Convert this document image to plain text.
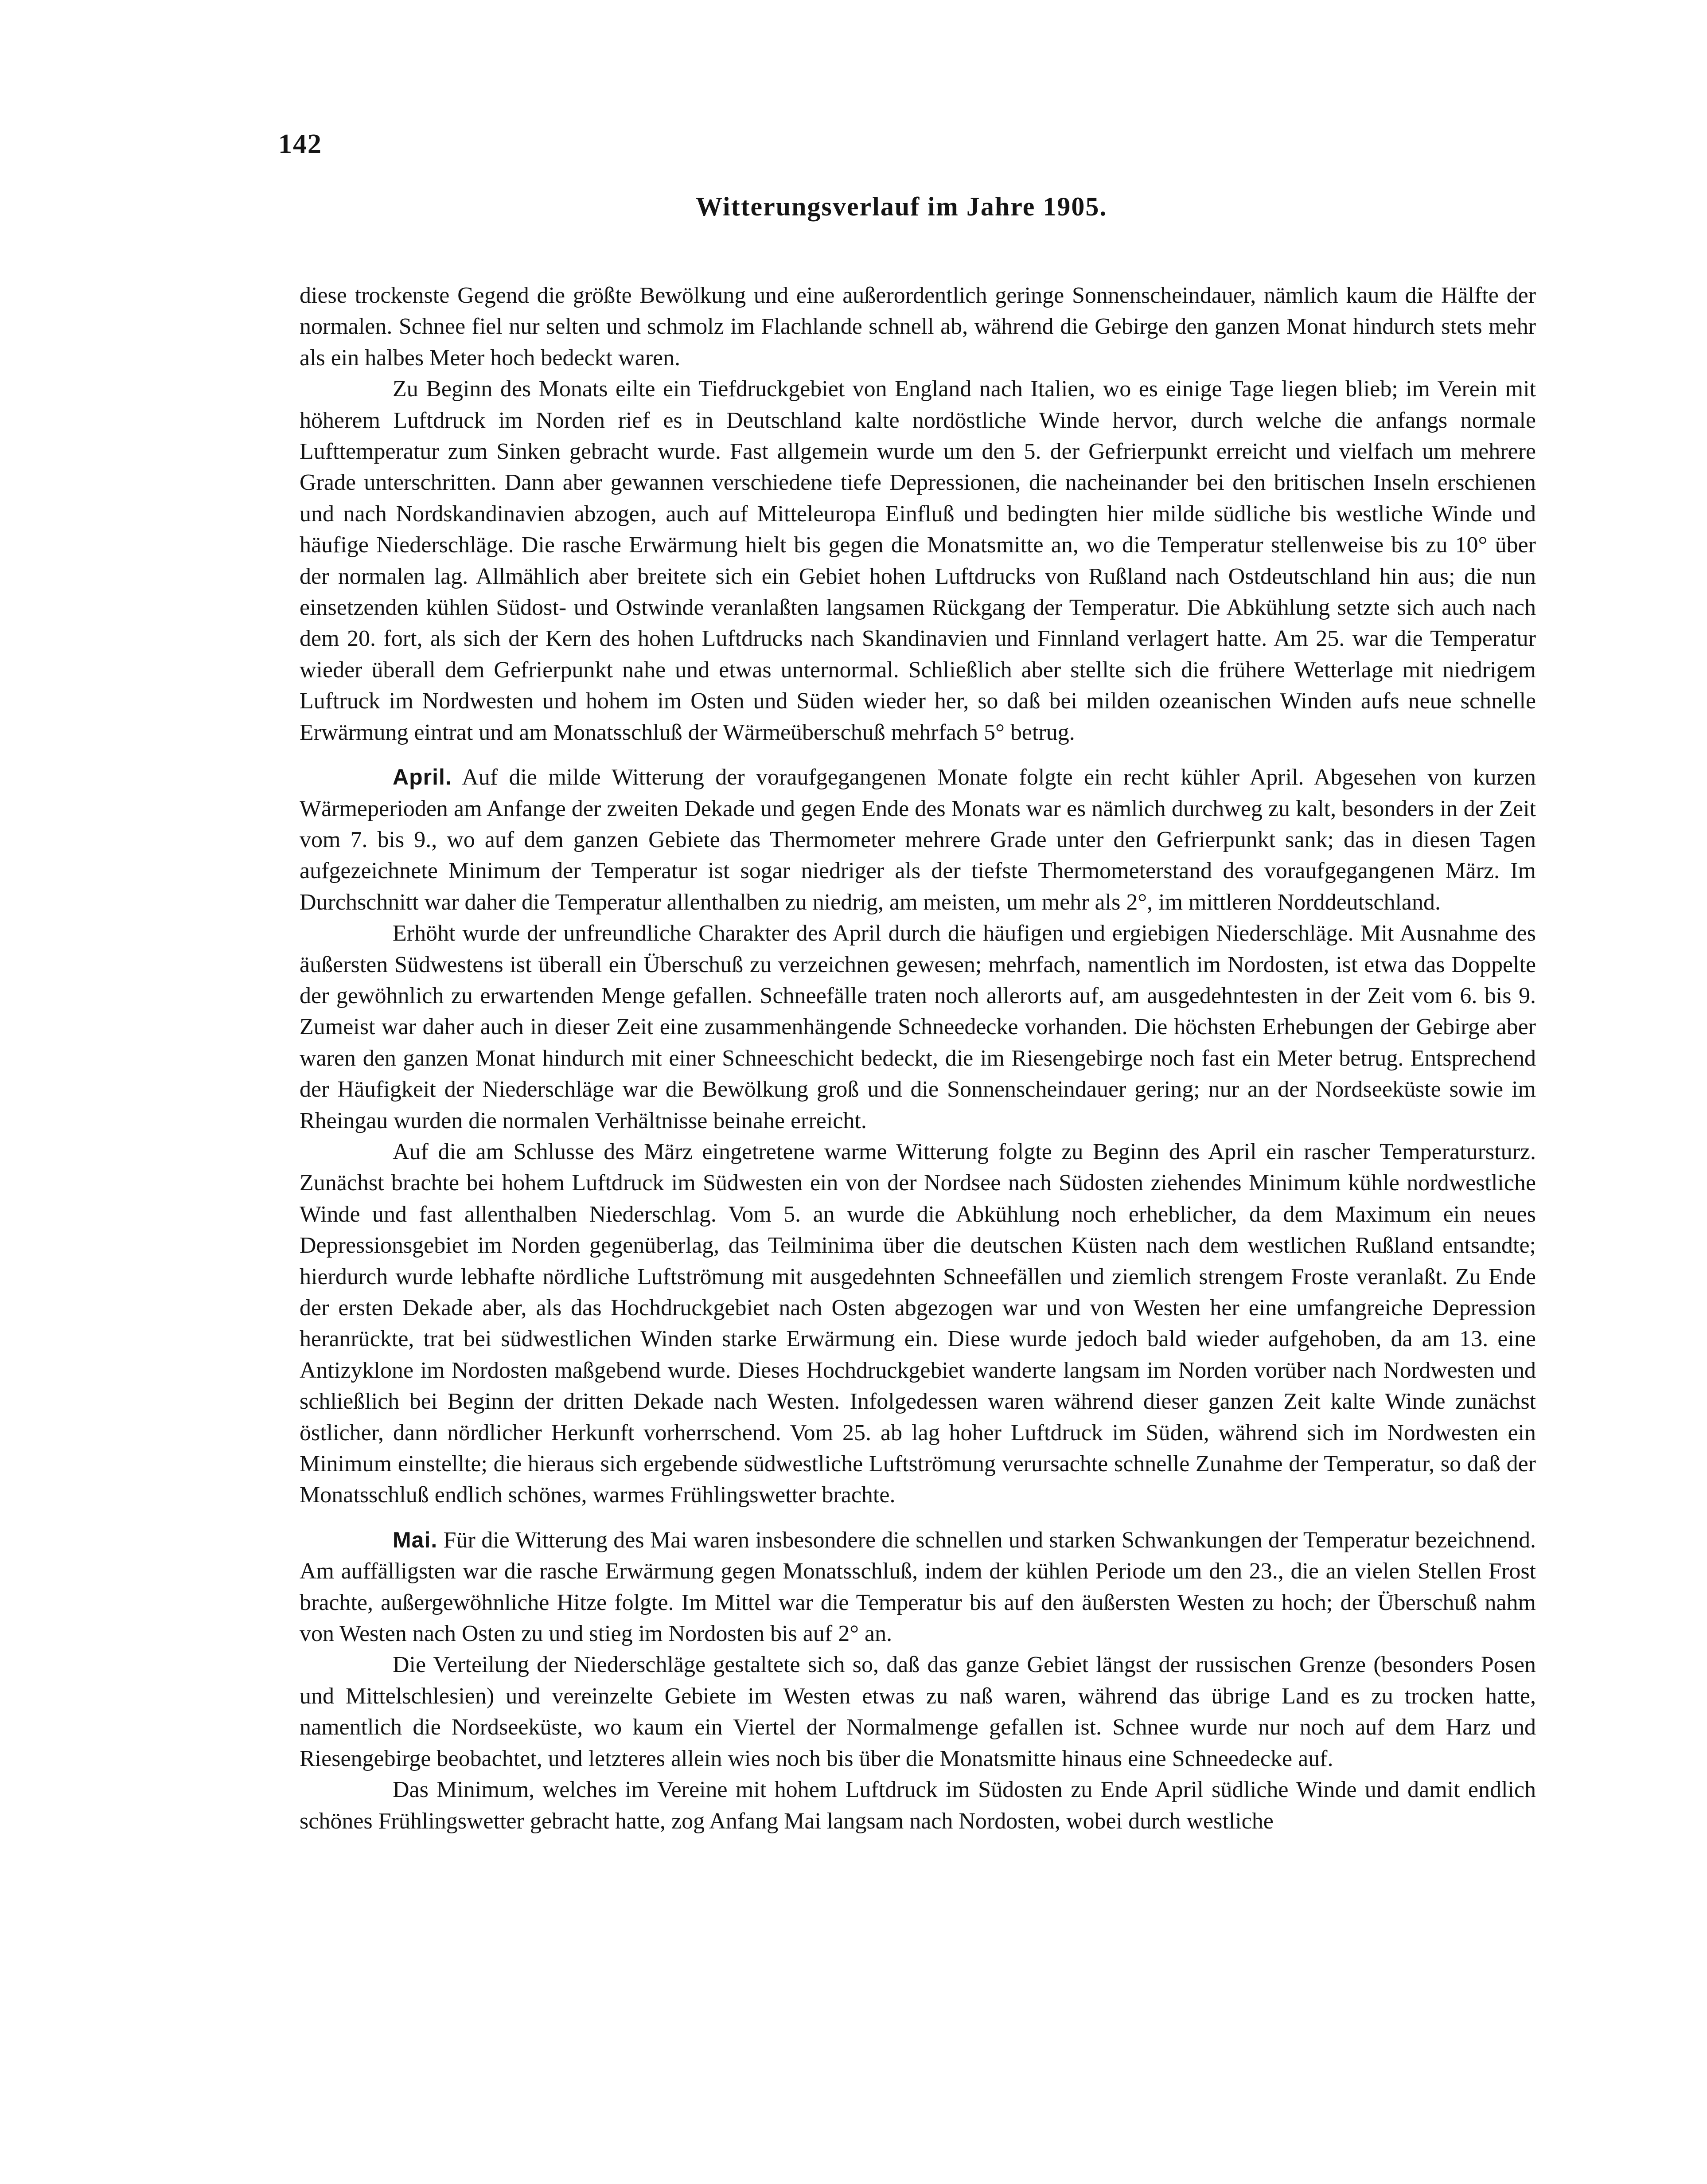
142
Witterungsverlauf im Jahre 1905.

diese trockenste Gegend die größte Bewölkung und eine außerordentlich geringe Sonnenscheindauer, nämlich kaum die Hälfte der normalen. Schnee fiel nur selten und schmolz im Flachlande schnell ab, während die Gebirge den ganzen Monat hindurch stets mehr als ein halbes Meter hoch bedeckt waren.

Zu Beginn des Monats eilte ein Tiefdruckgebiet von England nach Italien, wo es einige Tage liegen blieb; im Verein mit höherem Luftdruck im Norden rief es in Deutschland kalte nordöstliche Winde hervor, durch welche die anfangs normale Lufttemperatur zum Sinken gebracht wurde. Fast allgemein wurde um den 5. der Gefrierpunkt erreicht und vielfach um mehrere Grade unterschritten. Dann aber gewannen verschiedene tiefe Depressionen, die nacheinander bei den britischen Inseln erschienen und nach Nordskandinavien abzogen, auch auf Mitteleuropa Einfluß und bedingten hier milde südliche bis westliche Winde und häufige Niederschläge. Die rasche Erwärmung hielt bis gegen die Monatsmitte an, wo die Temperatur stellenweise bis zu 10° über der normalen lag. Allmählich aber breitete sich ein Gebiet hohen Luftdrucks von Rußland nach Ostdeutschland hin aus; die nun einsetzenden kühlen Südost- und Ostwinde veranlaßten langsamen Rückgang der Temperatur. Die Abkühlung setzte sich auch nach dem 20. fort, als sich der Kern des hohen Luftdrucks nach Skandinavien und Finnland verlagert hatte. Am 25. war die Temperatur wieder überall dem Gefrierpunkt nahe und etwas unternormal. Schließlich aber stellte sich die frühere Wetterlage mit niedrigem Luftruck im Nordwesten und hohem im Osten und Süden wieder her, so daß bei milden ozeanischen Winden aufs neue schnelle Erwärmung eintrat und am Monatsschluß der Wärmeüberschuß mehrfach 5° betrug.

April. Auf die milde Witterung der voraufgegangenen Monate folgte ein recht kühler April. Abgesehen von kurzen Wärmeperioden am Anfange der zweiten Dekade und gegen Ende des Monats war es nämlich durchweg zu kalt, besonders in der Zeit vom 7. bis 9., wo auf dem ganzen Gebiete das Thermometer mehrere Grade unter den Gefrierpunkt sank; das in diesen Tagen aufgezeichnete Minimum der Temperatur ist sogar niedriger als der tiefste Thermometerstand des voraufgegangenen März. Im Durchschnitt war daher die Temperatur allenthalben zu niedrig, am meisten, um mehr als 2°, im mittleren Norddeutschland.

Erhöht wurde der unfreundliche Charakter des April durch die häufigen und ergiebigen Niederschläge. Mit Ausnahme des äußersten Südwestens ist überall ein Überschuß zu verzeichnen gewesen; mehrfach, namentlich im Nordosten, ist etwa das Doppelte der gewöhnlich zu erwartenden Menge gefallen. Schneefälle traten noch allerorts auf, am ausgedehntesten in der Zeit vom 6. bis 9. Zumeist war daher auch in dieser Zeit eine zusammenhängende Schneedecke vorhanden. Die höchsten Erhebungen der Gebirge aber waren den ganzen Monat hindurch mit einer Schneeschicht bedeckt, die im Riesengebirge noch fast ein Meter betrug. Entsprechend der Häufigkeit der Niederschläge war die Bewölkung groß und die Sonnenscheindauer gering; nur an der Nordseeküste sowie im Rheingau wurden die normalen Verhältnisse beinahe erreicht.

Auf die am Schlusse des März eingetretene warme Witterung folgte zu Beginn des April ein rascher Temperatursturz. Zunächst brachte bei hohem Luftdruck im Südwesten ein von der Nordsee nach Südosten ziehendes Minimum kühle nordwestliche Winde und fast allenthalben Niederschlag. Vom 5. an wurde die Abkühlung noch erheblicher, da dem Maximum ein neues Depressionsgebiet im Norden gegenüberlag, das Teilminima über die deutschen Küsten nach dem westlichen Rußland entsandte; hierdurch wurde lebhafte nördliche Luftströmung mit ausgedehnten Schneefällen und ziemlich strengem Froste veranlaßt. Zu Ende der ersten Dekade aber, als das Hochdruckgebiet nach Osten abgezogen war und von Westen her eine umfangreiche Depression heranrückte, trat bei südwestlichen Winden starke Erwärmung ein. Diese wurde jedoch bald wieder aufgehoben, da am 13. eine Antizyklone im Nordosten maßgebend wurde. Dieses Hochdruckgebiet wanderte langsam im Norden vorüber nach Nordwesten und schließlich bei Beginn der dritten Dekade nach Westen. Infolgedessen waren während dieser ganzen Zeit kalte Winde zunächst östlicher, dann nördlicher Herkunft vorherrschend. Vom 25. ab lag hoher Luftdruck im Süden, während sich im Nordwesten ein Minimum einstellte; die hieraus sich ergebende südwestliche Luftströmung verursachte schnelle Zunahme der Temperatur, so daß der Monatsschluß endlich schönes, warmes Frühlingswetter brachte.

Mai. Für die Witterung des Mai waren insbesondere die schnellen und starken Schwankungen der Temperatur bezeichnend. Am auffälligsten war die rasche Erwärmung gegen Monatsschluß, indem der kühlen Periode um den 23., die an vielen Stellen Frost brachte, außergewöhnliche Hitze folgte. Im Mittel war die Temperatur bis auf den äußersten Westen zu hoch; der Überschuß nahm von Westen nach Osten zu und stieg im Nordosten bis auf 2° an.

Die Verteilung der Niederschläge gestaltete sich so, daß das ganze Gebiet längst der russischen Grenze (besonders Posen und Mittelschlesien) und vereinzelte Gebiete im Westen etwas zu naß waren, während das übrige Land es zu trocken hatte, namentlich die Nordseeküste, wo kaum ein Viertel der Normalmenge gefallen ist. Schnee wurde nur noch auf dem Harz und Riesengebirge beobachtet, und letzteres allein wies noch bis über die Monatsmitte hinaus eine Schneedecke auf.

Das Minimum, welches im Vereine mit hohem Luftdruck im Südosten zu Ende April südliche Winde und damit endlich schönes Frühlingswetter gebracht hatte, zog Anfang Mai langsam nach Nordosten, wobei durch westliche
